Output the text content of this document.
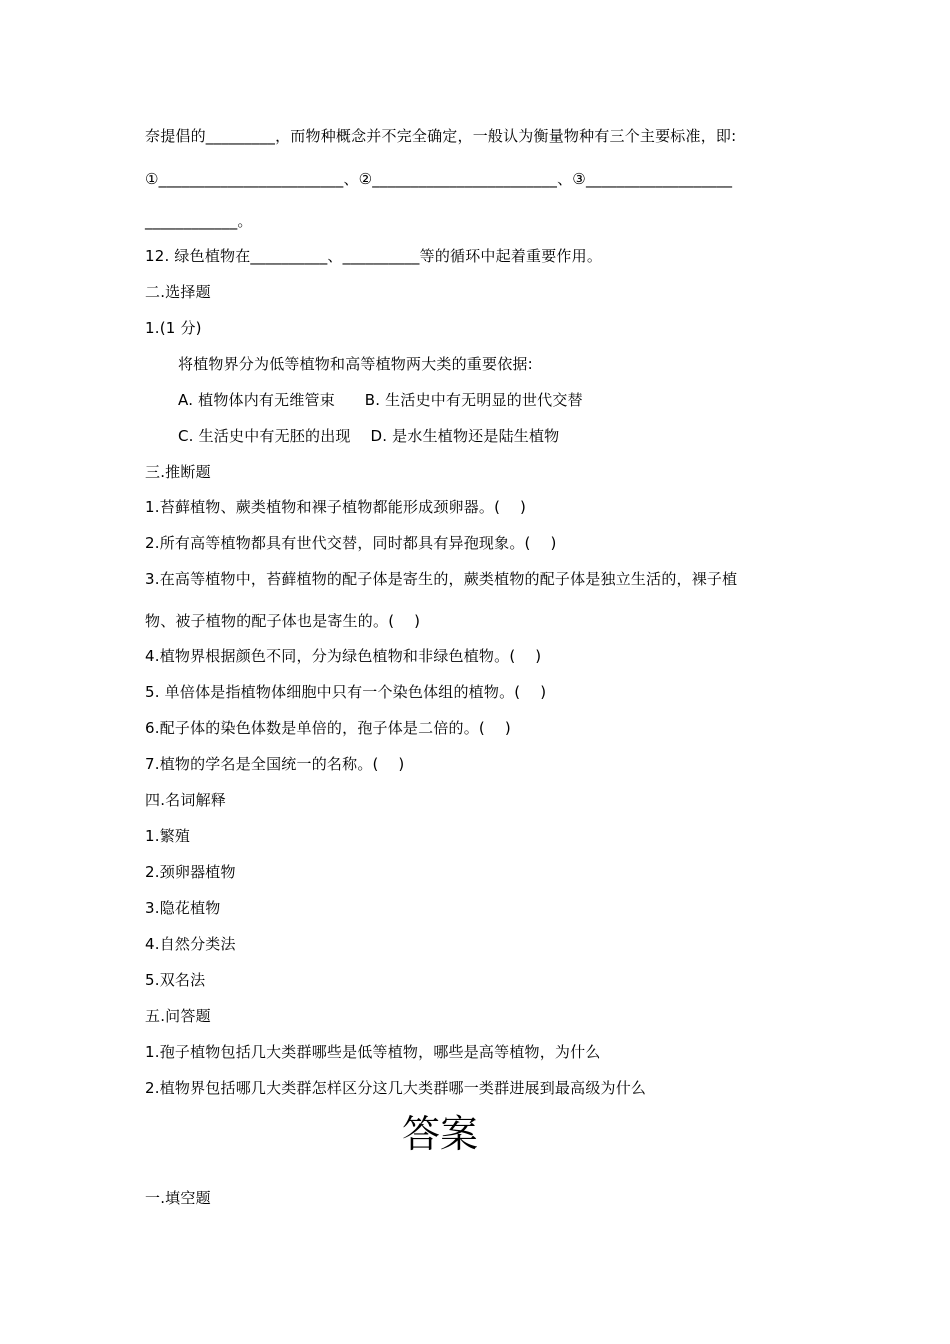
奈提倡的_________，而物种概念并不完全确定，一般认为衡量物种有三个主要标准，即:
①________________________、②________________________、③___________________
____________。
12. 绿色植物在__________、__________等的循环中起着重要作用。
二.选择题
1.(1 分)
将植物界分为低等植物和高等植物两大类的重要依据:
A. 植物体内有无维管束      B. 生活史中有无明显的世代交替
C. 生活史中有无胚的出现    D. 是水生植物还是陆生植物
三.推断题
1.苔藓植物、蕨类植物和裸子植物都能形成颈卵器。(    )
2.所有高等植物都具有世代交替，同时都具有异孢现象。(    )
3.在高等植物中，苔藓植物的配子体是寄生的，蕨类植物的配子体是独立生活的，裸子植
物、被子植物的配子体也是寄生的。(    )
4.植物界根据颜色不同，分为绿色植物和非绿色植物。(    )
5. 单倍体是指植物体细胞中只有一个染色体组的植物。(    )
6.配子体的染色体数是单倍的，孢子体是二倍的。(    )
7.植物的学名是全国统一的名称。(    )
四.名词解释
1.繁殖
2.颈卵器植物
3.隐花植物
4.自然分类法
5.双名法
五.问答题
1.孢子植物包括几大类群哪些是低等植物，哪些是高等植物，为什么
2.植物界包括哪几大类群怎样区分这几大类群哪一类群进展到最高级为什么
答案
一.填空题
